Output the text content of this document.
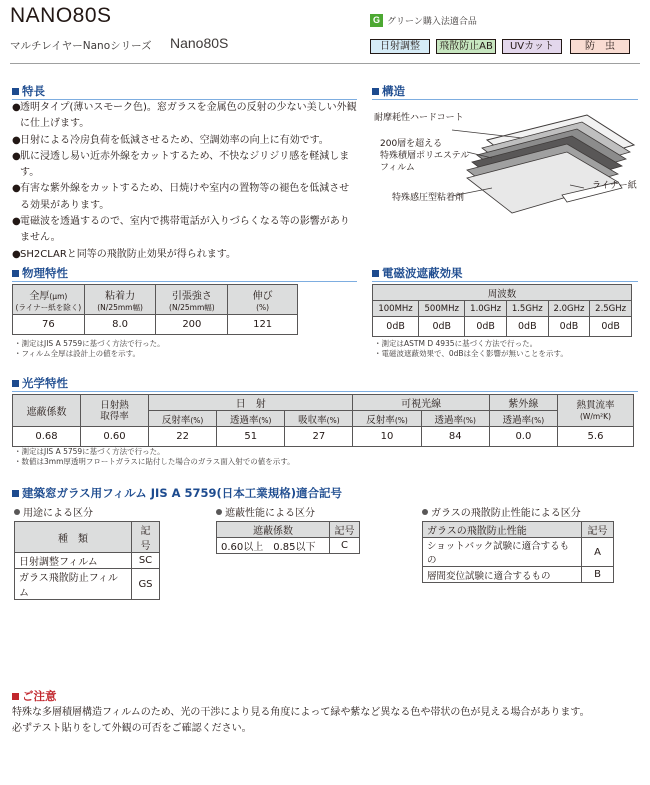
NANO80S
マルチレイヤーNanoシリーズ Nano80S
G グリーン購入法適合品
日射調整	飛散防止AB	UVカット	防　虫
特長
●透明タイプ(薄いスモーク色)。窓ガラスを金属色の反射の少ない美しい外観に仕上げます。
●日射による冷房負荷を低減させるため、空調効率の向上に有効です。
●肌に浸透し易い近赤外線をカットするため、不快なジリジリ感を軽減します。
●有害な紫外線をカットするため、日焼けや室内の置物等の褪色を低減させる効果があります。
●電磁波を透過するので、室内で携帯電話が入りづらくなる等の影響がありません。
●SH2CLARと同等の飛散防止効果が得られます。
構造
耐摩耗性ハードコート
200層を超える
特殊積層ポリエステル
フィルム
ライナー紙
特殊感圧型粘着剤
物理特性
全厚(μm)
(ライナー紙を除く)	粘着力
(N/25mm幅)	引張強さ
(N/25mm幅)	伸び
(%)
76	8.0	200	121
・測定はJIS A 5759に基づく方法で行った。
・フィルム全厚は設計上の値を示す。
電磁波遮蔽効果
周波数					
100MHz	500MHz	1.0GHz	1.5GHz	2.0GHz	2.5GHz
0dB	0dB	0dB	0dB	0dB	0dB
・測定はASTM D 4935に基づく方法で行った。
・電磁波遮蔽効果で、0dBは全く影響が無いことを示す。
光学特性
遮蔽係数	日射熱
取得率	日　射			可視光線		紫外線	熱貫流率
(W/m²K)
		反射率(%)	透過率(%)	吸収率(%)	反射率(%)	透過率(%)	透過率(%)	
0.68	0.60	22	51	27	10	84	0.0	5.6
・測定はJIS A 5759に基づく方法で行った。
・数値は3mm厚透明フロートガラスに貼付した場合のガラス面入射での値を示す。
建築窓ガラス用フィルム JIS A 5759(日本工業規格)適合記号
用途による区分
種　類	記号
日射調整フィルム	SC
ガラス飛散防止フィルム	GS
遮蔽性能による区分
遮蔽係数	記号
0.60以上　0.85以下	C
ガラスの飛散防止性能による区分
ガラスの飛散防止性能	記号
ショットバック試験に適合するもの	A
層間変位試験に適合するもの	B
ご注意
特殊な多層積層構造フィルムのため、光の干渉により見る角度によって緑や紫など異なる色や帯状の色が見える場合があります。
必ずテスト貼りをして外観の可否をご確認ください。
